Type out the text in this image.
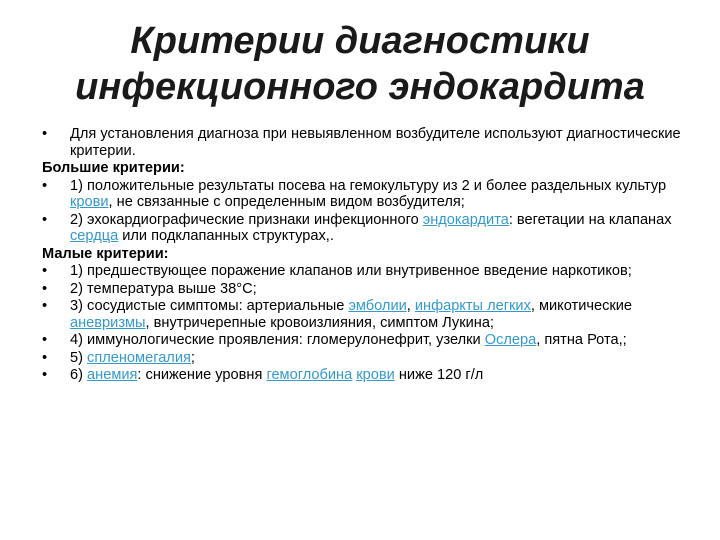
Критерии диагностики
инфекционного эндокардита
•	Для установления диагноза при невыявленном возбудителе используют диагностические критерии.
Большие критерии:
•	1) положительные результаты посева на гемокультуру из 2 и более раздельных культур крови, не связанные с определенным видом возбудителя;
•	2) эхокардиографические признаки инфекционного эндокардита: вегетации на клапанах сердца или подклапанных структурах,.
Малые критерии:
•	1) предшествующее поражение клапанов или внутривенное введение наркотиков;
•	2) температура выше 38°С;
•	3) сосудистые симптомы: артериальные эмболии, инфаркты легких, микотические аневризмы, внутричерепные кровоизлияния, симптом Лукина;
•	4) иммунологические проявления: гломерулонефрит, узелки Ослера, пятна Рота,;
•	5) спленомегалия;
•	6) анемия: снижение уровня гемоглобина крови ниже 120 г/л
